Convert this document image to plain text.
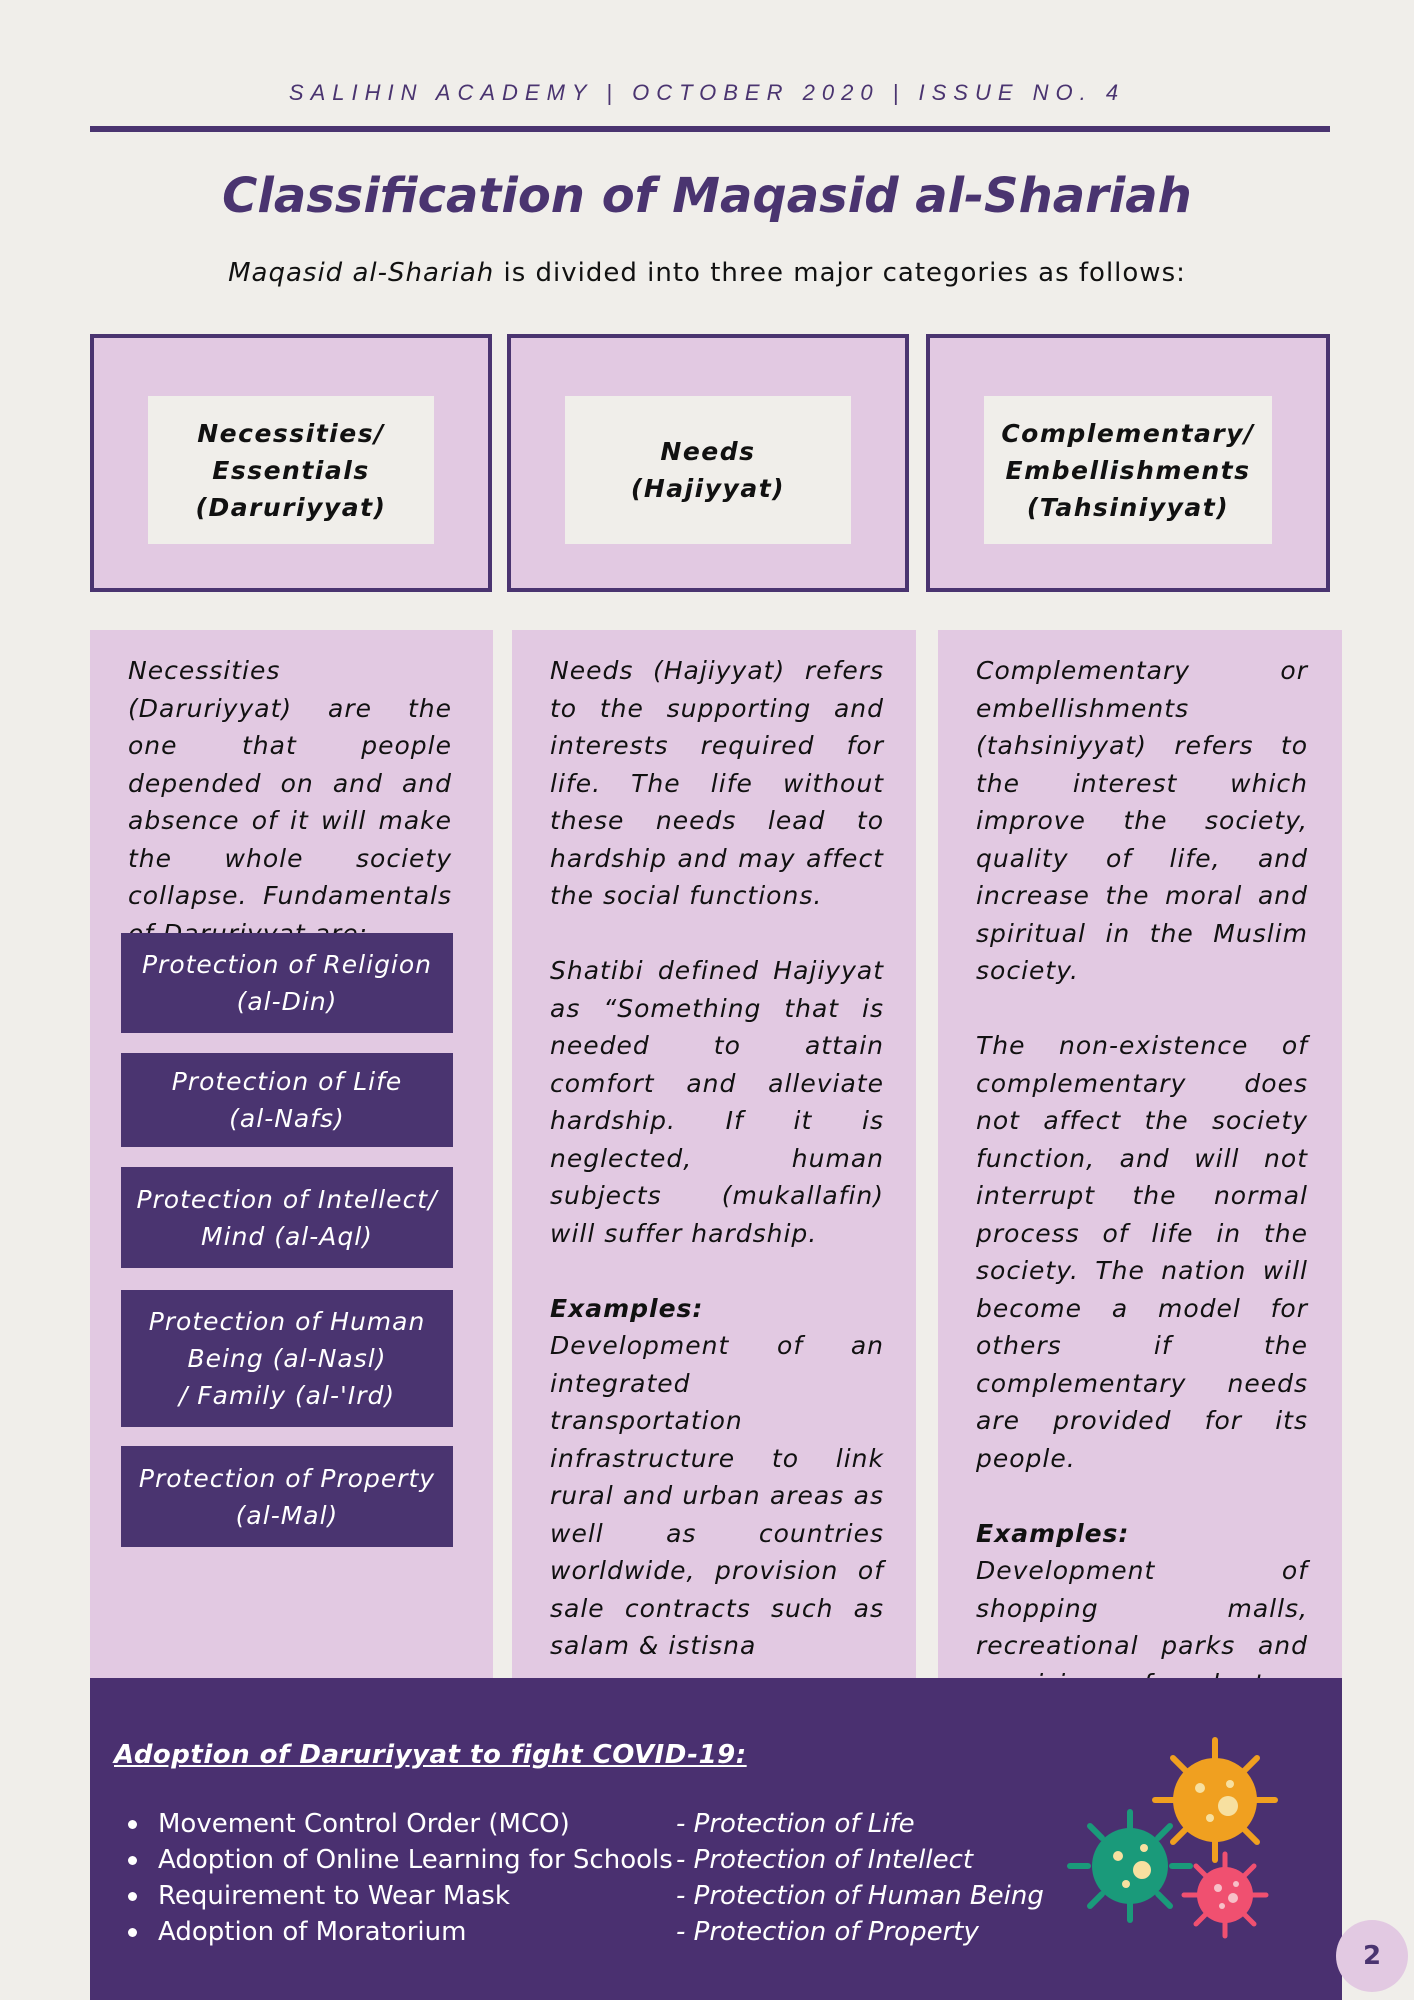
SALIHIN ACADEMY | OCTOBER 2020 | ISSUE NO. 4
Classification of Maqasid al-Shariah
Maqasid al-Shariah is divided into three major categories as follows:
Necessities/
Essentials
(Daruriyyat)
Needs
(Hajiyyat)
Complementary/
Embellishments
(Tahsiniyyat)
Necessities (Daruriyyat) are the one that people depended on and and absence of it will make the whole society collapse. Fundamentals
Protection of Religion
(al-Din)
Protection of Life
(al-Nafs)
Protection of Intellect/
Mind (al-Aql)
Protection of Human
Being (al-Nasl)
/ Family (al-'Ird)
Protection of Property
(al-Mal)

Needs (Hajiyyat) refers to the supporting and interests required for life. The life without these needs lead to hardship and may affect the social functions.

Shatibi defined Hajiyyat as “Something that is needed to attain comfort and alleviate hardship. If it is neglected, human subjects (mukallafin) will suffer hardship.

Examples:
Development of an integrated transportation infrastructure to link rural and urban areas as well as countries worldwide, provision of sale contracts such as salam & istisna

Complementary or embellishments (tahsiniyyat) refers to the interest which improve the society, quality of life, and increase the moral and spiritual in the Muslim society.

The non-existence of complementary does not affect the society function, and will not interrupt the normal process of life in the society. The nation will become a model for others if the complementary needs are provided for its people.

Examples:
Development of shopping malls, recreational parks and
Adoption of Daruriyyat to fight COVID-19:
Movement Control Order (MCO)
Adoption of Online Learning for Schools
Requirement to Wear Mask
Adoption of Moratorium
- Protection of Life
- Protection of Intellect
- Protection of Human Being
- Protection of Property
2
